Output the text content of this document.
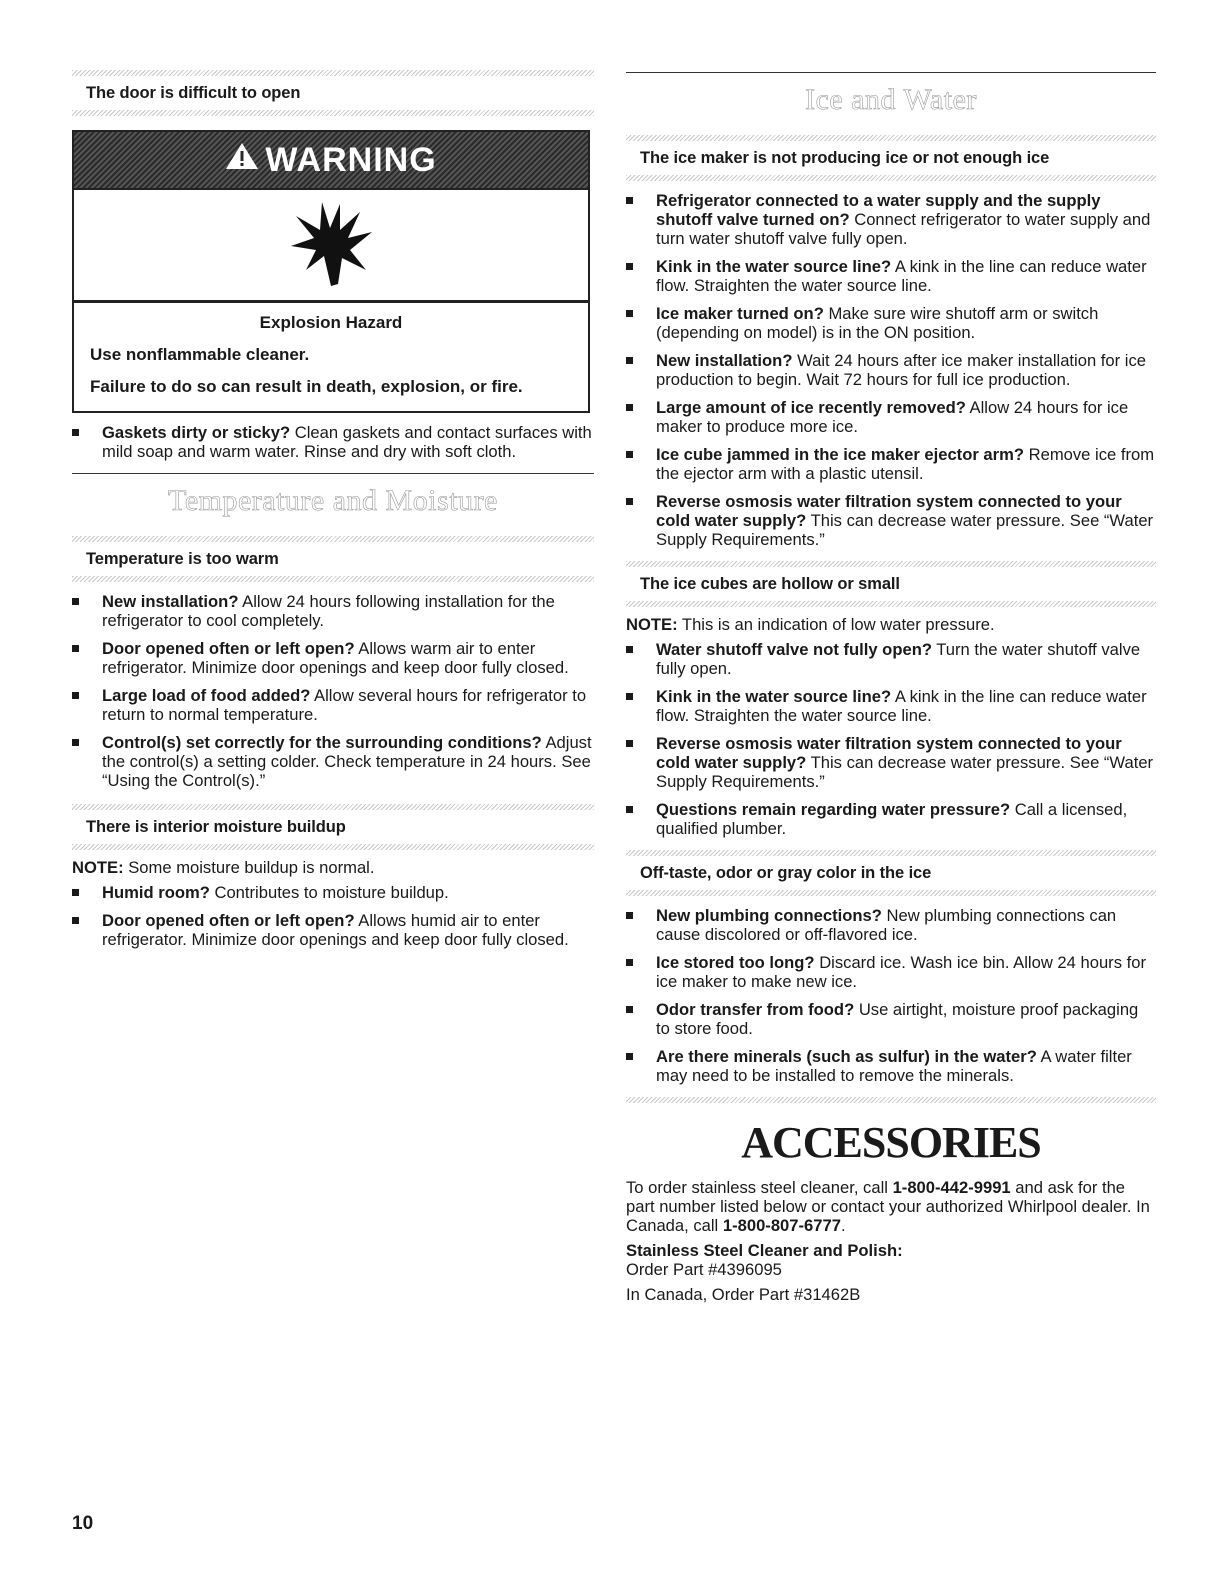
The door is difficult to open
WARNING
Explosion Hazard
Use nonflammable cleaner.
Failure to do so can result in death, explosion, or fire.
Gaskets dirty or sticky? Clean gaskets and contact surfaces with mild soap and warm water. Rinse and dry with soft cloth.
Temperature and Moisture
Temperature is too warm
New installation? Allow 24 hours following installation for the refrigerator to cool completely.
Door opened often or left open? Allows warm air to enter refrigerator. Minimize door openings and keep door fully closed.
Large load of food added? Allow several hours for refrigerator to return to normal temperature.
Control(s) set correctly for the surrounding conditions? Adjust the control(s) a setting colder. Check temperature in 24 hours. See “Using the Control(s).”
There is interior moisture buildup
NOTE: Some moisture buildup is normal.
Humid room? Contributes to moisture buildup.
Door opened often or left open? Allows humid air to enter refrigerator. Minimize door openings and keep door fully closed.
Ice and Water
The ice maker is not producing ice or not enough ice
Refrigerator connected to a water supply and the supply shutoff valve turned on? Connect refrigerator to water supply and turn water shutoff valve fully open.
Kink in the water source line? A kink in the line can reduce water flow. Straighten the water source line.
Ice maker turned on? Make sure wire shutoff arm or switch (depending on model) is in the ON position.
New installation? Wait 24 hours after ice maker installation for ice production to begin. Wait 72 hours for full ice production.
Large amount of ice recently removed? Allow 24 hours for ice maker to produce more ice.
Ice cube jammed in the ice maker ejector arm? Remove ice from the ejector arm with a plastic utensil.
Reverse osmosis water filtration system connected to your cold water supply? This can decrease water pressure. See “Water Supply Requirements.”
The ice cubes are hollow or small
NOTE: This is an indication of low water pressure.
Water shutoff valve not fully open? Turn the water shutoff valve fully open.
Kink in the water source line? A kink in the line can reduce water flow. Straighten the water source line.
Reverse osmosis water filtration system connected to your cold water supply? This can decrease water pressure. See “Water Supply Requirements.”
Questions remain regarding water pressure? Call a licensed, qualified plumber.
Off-taste, odor or gray color in the ice
New plumbing connections? New plumbing connections can cause discolored or off-flavored ice.
Ice stored too long? Discard ice. Wash ice bin. Allow 24 hours for ice maker to make new ice.
Odor transfer from food? Use airtight, moisture proof packaging to store food.
Are there minerals (such as sulfur) in the water? A water filter may need to be installed to remove the minerals.
ACCESSORIES
To order stainless steel cleaner, call 1-800-442-9991 and ask for the part number listed below or contact your authorized Whirlpool dealer. In Canada, call 1-800-807-6777.
Stainless Steel Cleaner and Polish:
Order Part #4396095
In Canada, Order Part #31462B
10
